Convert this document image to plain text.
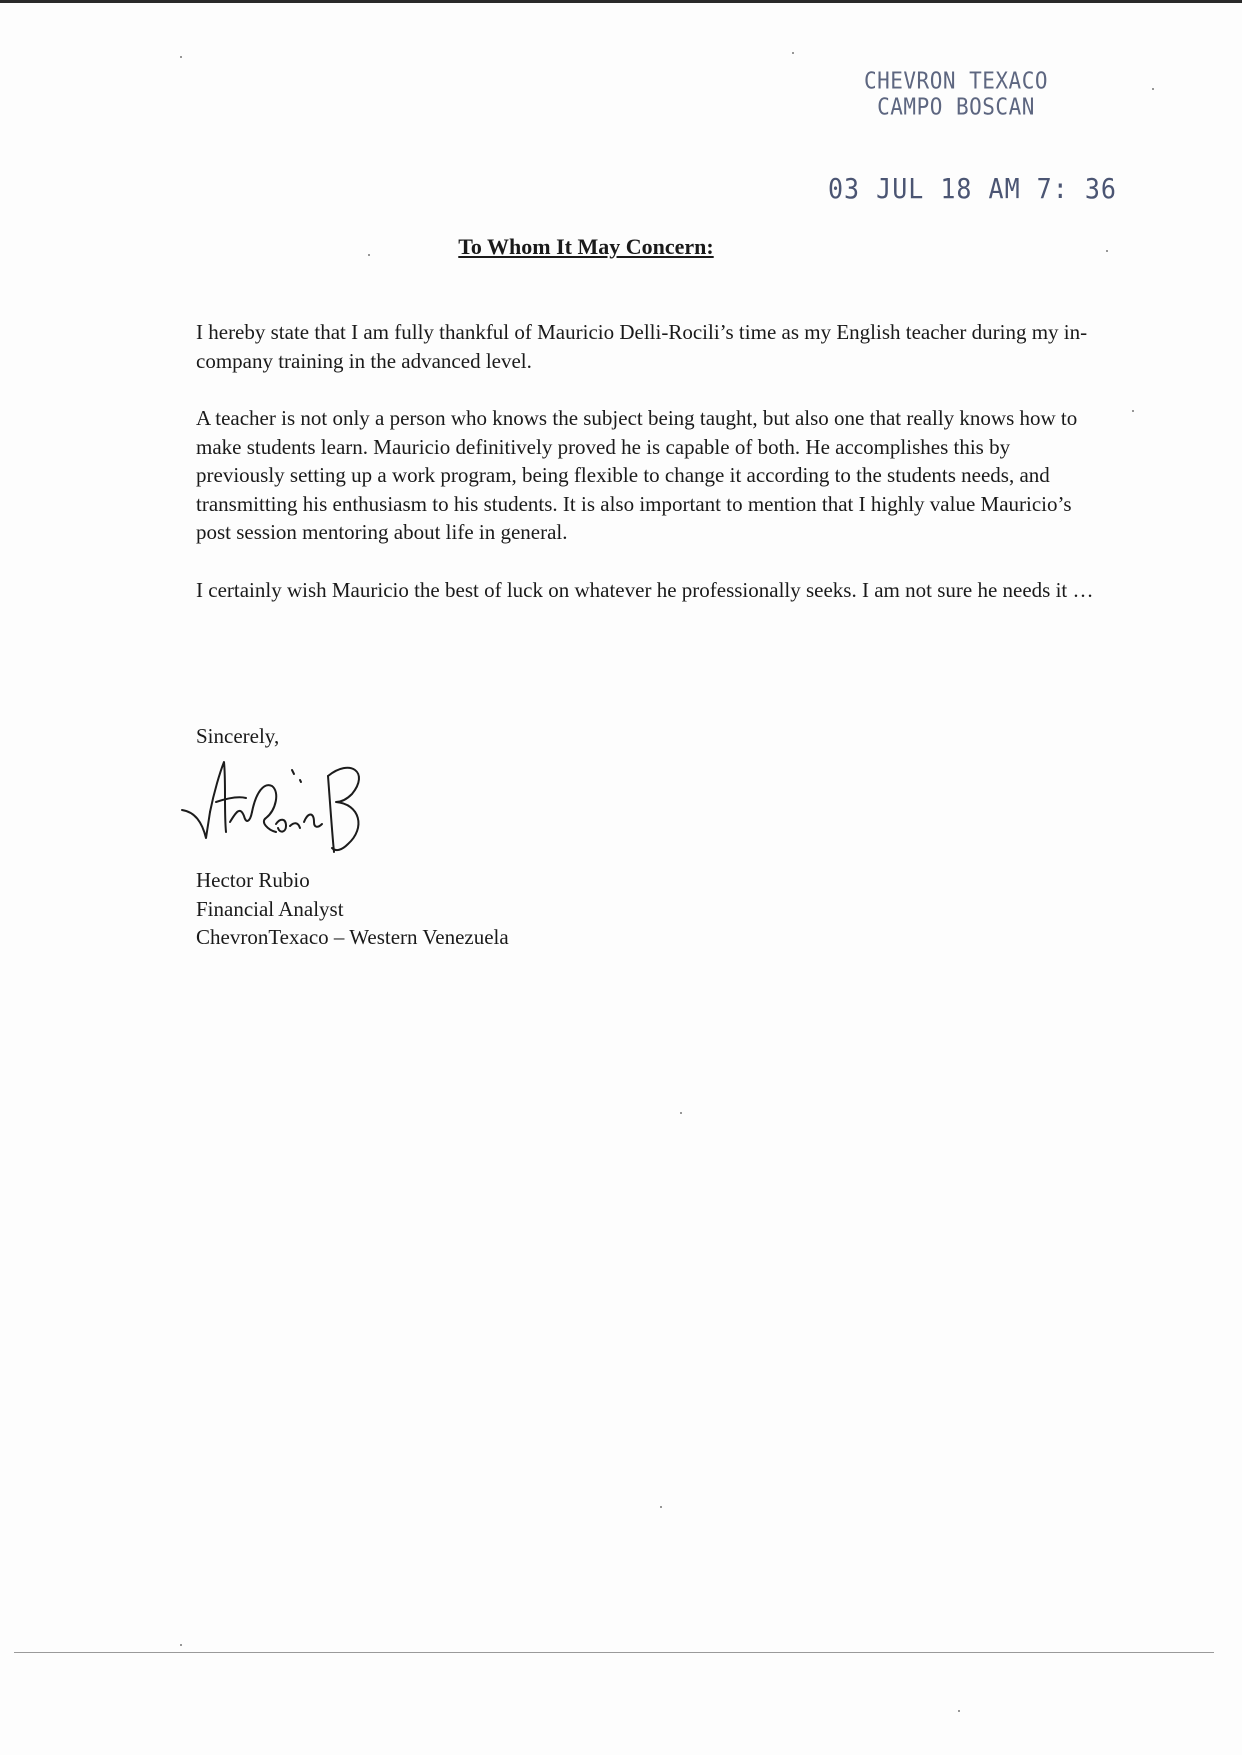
CHEVRON TEXACO
CAMPO BOSCAN
03 JUL 18 AM 7: 36
To Whom It May Concern:

I hereby state that I am fully thankful of Mauricio Delli-Rocili’s time as my English teacher during my in-company training in the advanced level.

A teacher is not only a person who knows the subject being taught, but also one that really knows how to make students learn. Mauricio definitively proved he is capable of both. He accomplishes this by previously setting up a work program, being flexible to change it according to the students needs, and transmitting his enthusiasm to his students. It is also important to mention that I highly value Mauricio’s post session mentoring about life in general.

I certainly wish Mauricio the best of luck on whatever he professionally seeks. I am not sure he needs it …

Sincerely,
Hector Rubio
Financial Analyst
ChevronTexaco – Western Venezuela
